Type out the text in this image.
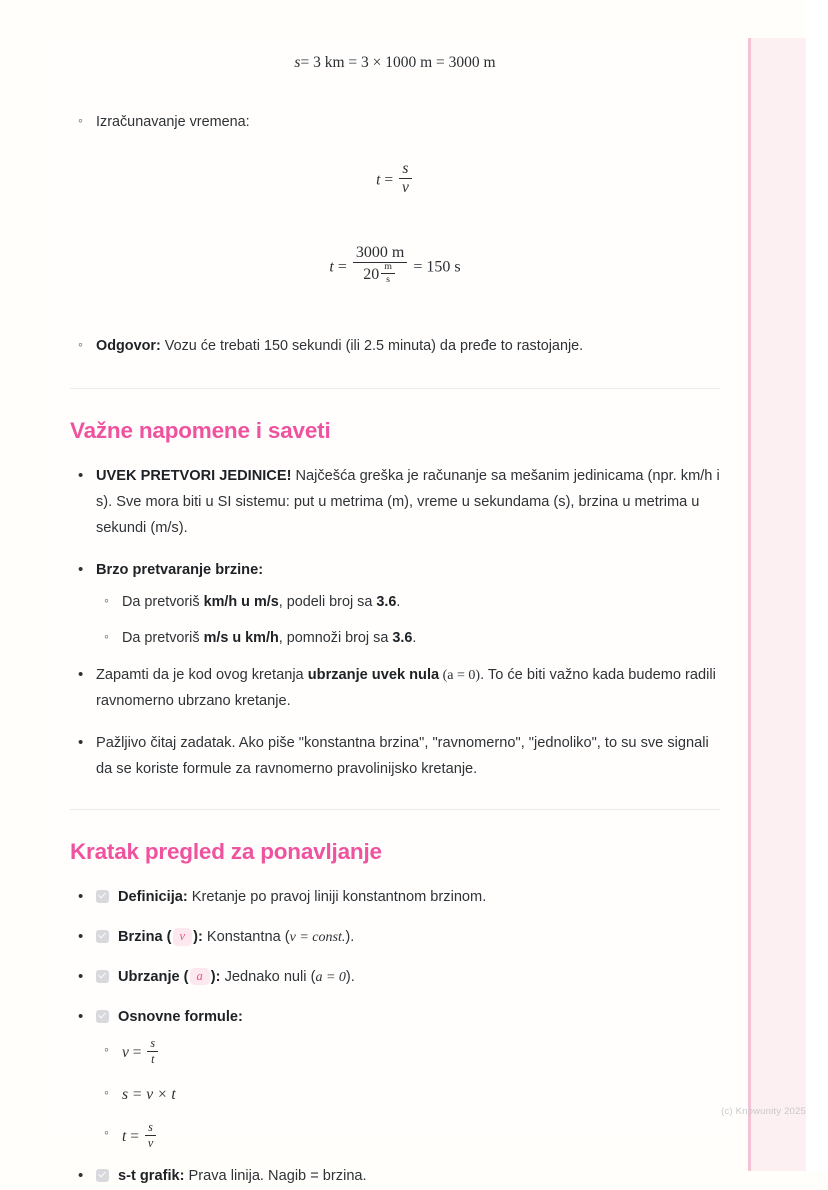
s= 3 km = 3 × 1000 m = 3000 m
◦ Izračunavanje vremena:
$t = \frac{s}{v}$
$t = \frac{3000 m}{20 \frac{m}{s}} = 150$ s
◦ Odgovor: Vozu će trebati 150 sekundi (ili 2.5 minuta) da pređe to rastojanje.
Važne napomene i saveti
• UVEK PRETVORI JEDINICE! Najčešća greška je računanje sa mešanim jedinicama (npr. km/h i s). Sve mora biti u SI sistemu: put u metrima (m), vreme u sekundama (s), brzina u metrima u sekundi (m/s).
• Brzo pretvaranje brzine:
◦ Da pretvoriš km/h u m/s, podeli broj sa 3.6.
◦ Da pretvoriš m/s u km/h, pomnoži broj sa 3.6.
• Zapamti da je kod ovog kretanja ubrzanje uvek nula (a = 0). To će biti važno kada budemo radili ravnomerno ubrzano kretanje.
• Pažljivo čitaj zadatak. Ako piše "konstantna brzina", "ravnomerno", "jednoliko", to su sve signali da se koriste formule za ravnomerno pravolinijsko kretanje.
Kratak pregled za ponavljanje
• Definicija: Kretanje po pravoj liniji konstantnom brzinom.
• Brzina ( v ): Konstantna (v = const.).
• Ubrzanje ( a ): Jednako nuli (a = 0).
• Osnovne formule:
◦ $v = \frac{s}{t}$
◦ s = v × t
◦ $t = \frac{s}{v}$
• s-t grafik: Prava linija. Nagib = brzina.
(c) Knowunity 2025
